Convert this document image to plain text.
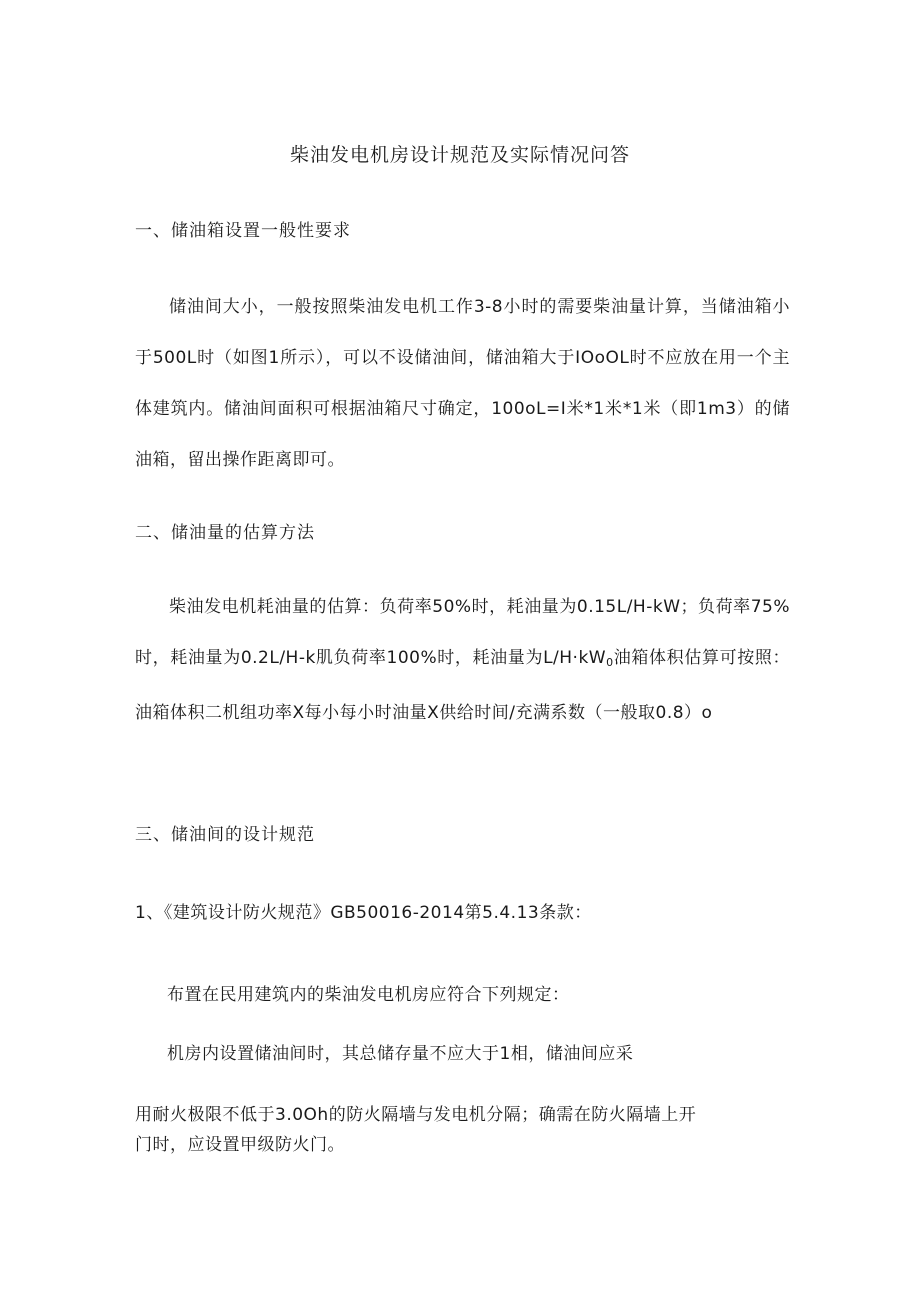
柴油发电机房设计规范及实际情况问答
一、储油箱设置一般性要求
储油间大小，一般按照柴油发电机工作3-8小时的需要柴油量计算，当储油箱小于500L时（如图1所示），可以不设储油间，储油箱大于IOoOL时不应放在用一个主体建筑内。储油间面积可根据油箱尺寸确定，100oL=I米*1米*1米（即1m3）的储油箱，留出操作距离即可。
二、储油量的估算方法
柴油发电机耗油量的估算：负荷率50%时，耗油量为0.15L/H-kW；负荷率75%时，耗油量为0.2L/H-k肌负荷率100%时，耗油量为$L/H\cdot kW_0$油箱体积估算可按照：油箱体积二机组功率X每小每小时油量X供给时间/充满系数（一般取0.8）o
三、储油间的设计规范
1、《建筑设计防火规范》GB50016-2014第5.4.13条款：
布置在民用建筑内的柴油发电机房应符合下列规定：
机房内设置储油间时，其总储存量不应大于1相，储油间应采
用耐火极限不低于3.0Oh的防火隔墙与发电机分隔；确需在防火隔墙上开
门时，应设置甲级防火门。
